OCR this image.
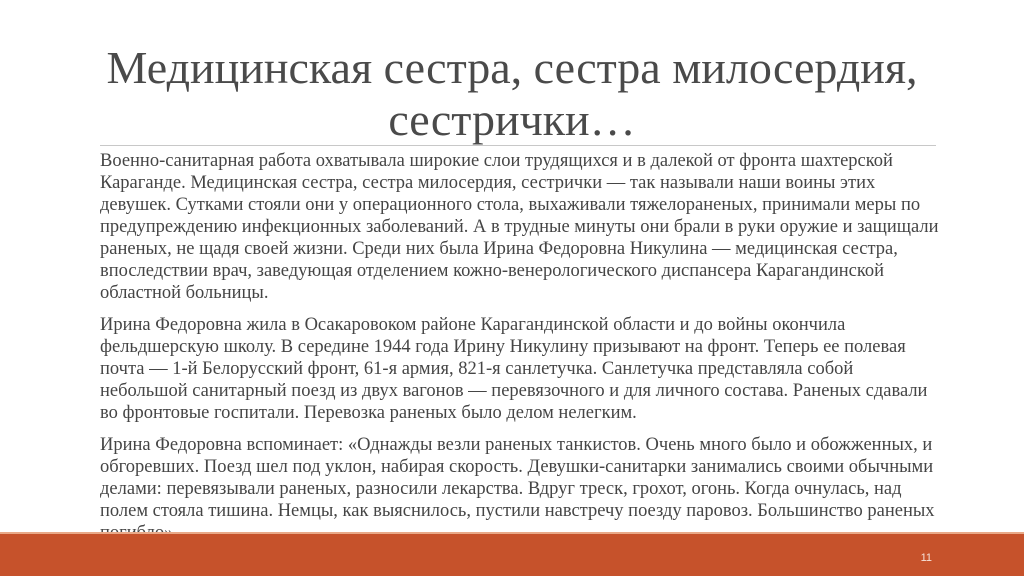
Медицинская сестра, сестра милосердия, сестрички…

Военно-санитарная работа охватывала широкие слои трудящихся и в далекой от фронта шахтерской Караганде. Медицинская сестра, сестра милосердия, сестрички — так называли наши воины этих девушек. Сутками стояли они у операционного стола, выхаживали тяжелораненых, принимали меры по предупреждению инфекционных заболеваний. А в трудные минуты они брали в руки оружие и защищали раненых, не щадя своей жизни. Среди них была Ирина Федоровна Никулина — медицинская сестра, впоследствии врач, заведующая отделением кожно-венерологического диспансера Карагандинской областной больницы.

Ирина Федоровна жила в Осакаровоком районе Карагандинской области и до войны окончила фельдшерскую школу. В середине 1944 года Ирину Никулину призывают на фронт. Теперь ее полевая почта — 1-й Белорусский фронт, 61-я армия, 821-я санлетучка. Санлетучка представляла собой небольшой санитарный поезд из двух вагонов — перевязочного и для личного состава. Раненых сдавали во фронтовые госпитали. Перевозка раненых было делом нелегким.

Ирина Федоровна вспоминает: «Однажды везли раненых танкистов. Очень много было и обожженных, и обгоревших. Поезд шел под уклон, набирая скорость. Девушки-санитарки занимались своими обычными делами: перевязывали раненых, разносили лекарства. Вдруг треск, грохот, огонь. Когда очнулась, над полем стояла тишина. Немцы, как выяснилось, пустили навстречу поезду паровоз. Большинство раненых

11
